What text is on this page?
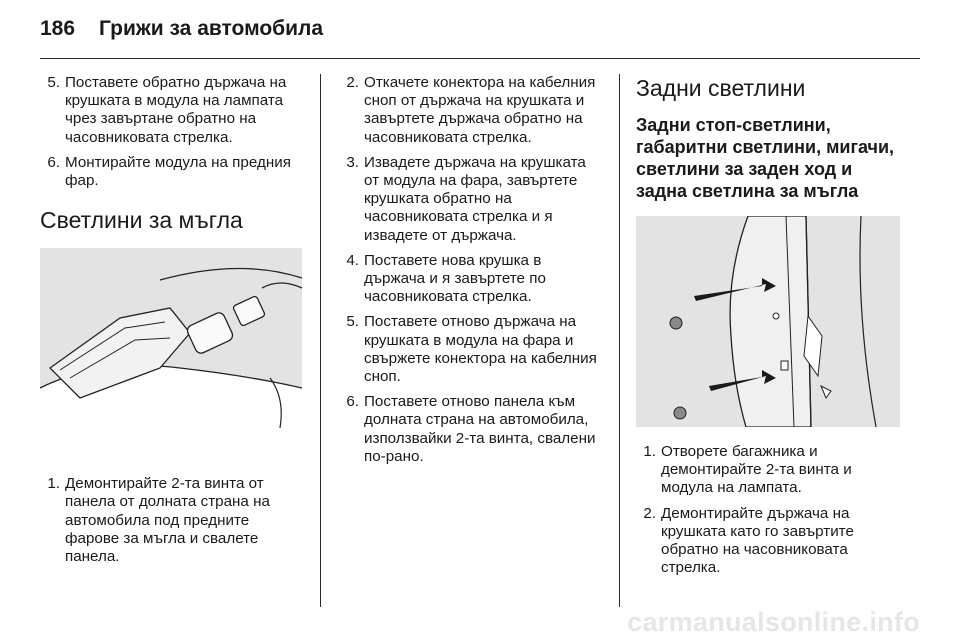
186 Грижи за автомобила
5. Поставете обратно държача на крушката в модула на лампата чрез завъртане обратно на часовниковата стрелка.
6. Монтирайте модула на предния фар.
Светлини за мъгла
1. Демонтирайте 2-та винта от панела от долната страна на автомобила под предните фарове за мъгла и свалете панела.
2. Откачете конектора на кабелния сноп от държача на крушката и завъртете държача обратно на часовниковата стрелка.
3. Извадете държача на крушката от модула на фара, завъртете крушката обратно на часовниковата стрелка и я извадете от държача.
4. Поставете нова крушка в държача и я завъртете по часовниковата стрелка.
5. Поставете отново държача на крушката в модула на фара и свържете конектора на кабелния сноп.
6. Поставете отново панела към долната страна на автомобила, използвайки 2-та винта, свалени по-рано.
Задни светлини
Задни стоп-светлини, габаритни светлини, мигачи, светлини за заден ход и задна светлина за мъгла
1. Отворете багажника и демонтирайте 2-та винта и модула на лампата.
2. Демонтирайте държача на крушката като го завъртите обратно на часовниковата стрелка.
carmanualsonline.info
